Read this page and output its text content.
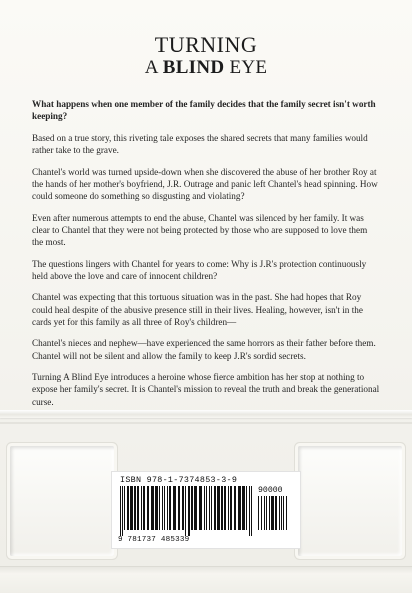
TURNING
A BLIND EYE

What happens when one member of the family decides that the family secret isn't worth keeping?

Based on a true story, this riveting tale exposes the shared secrets that many families would rather take to the grave.

Chantel's world was turned upside-down when she discovered the abuse of her brother Roy at the hands of her mother's boyfriend, J.R. Outrage and panic left Chantel's head spinning. How could someone do something so disgusting and violating?

Even after numerous attempts to end the abuse, Chantel was silenced by her family. It was clear to Chantel that they were not being protected by those who are supposed to love them the most.

The questions lingers with Chantel for years to come: Why is J.R's protection continuously held above the love and care of innocent children?

Chantel was expecting that this tortuous situation was in the past. She had hopes that Roy could heal despite of the abusive presence still in their lives. Healing, however, isn't in the cards yet for this family as all three of Roy's children—

Chantel's nieces and nephew—have experienced the same horrors as their father before them. Chantel will not be silent and allow the family to keep J.R's sordid secrets.

Turning A Blind Eye introduces a heroine whose fierce ambition has her stop at nothing to expose her family's secret. It is Chantel's mission to reveal the truth and break the generational curse.

ISBN 978-1-7374853-3-9
90000
9 781737 485339
